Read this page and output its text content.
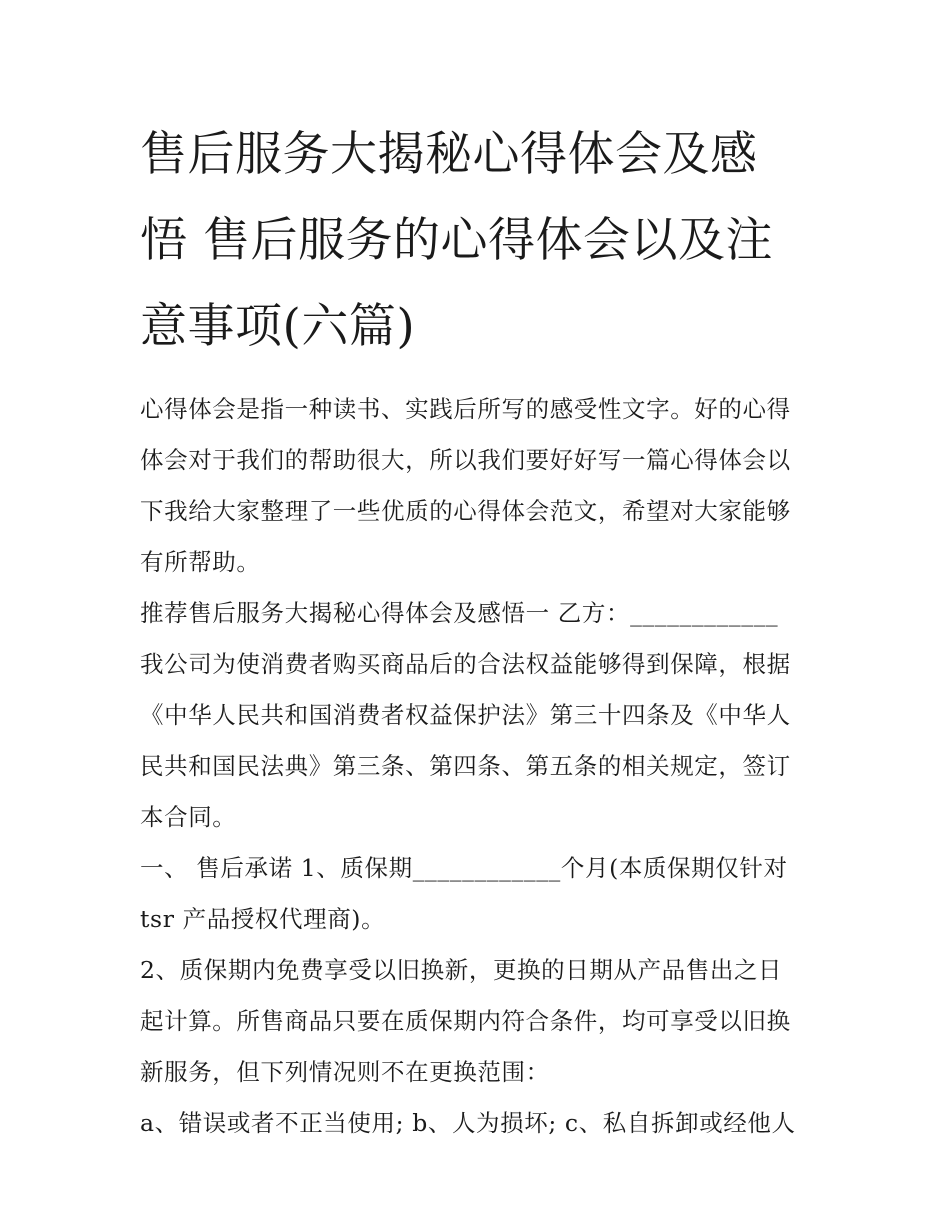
售后服务大揭秘心得体会及感
悟 售后服务的心得体会以及注
意事项(六篇)
心得体会是指一种读书、实践后所写的感受性文字。好的心得
体会对于我们的帮助很大，所以我们要好好写一篇心得体会以
下我给大家整理了一些优质的心得体会范文，希望对大家能够
有所帮助。
推荐售后服务大揭秘心得体会及感悟一 乙方：____________
我公司为使消费者购买商品后的合法权益能够得到保障，根据
《中华人民共和国消费者权益保护法》第三十四条及《中华人
民共和国民法典》第三条、第四条、第五条的相关规定，签订
本合同。
一、 售后承诺 1、质保期____________个月(本质保期仅针对
tsr 产品授权代理商)。
2、质保期内免费享受以旧换新，更换的日期从产品售出之日
起计算。所售商品只要在质保期内符合条件，均可享受以旧换
新服务，但下列情况则不在更换范围：
a、错误或者不正当使用; b、人为损坏; c、私自拆卸或经他人
